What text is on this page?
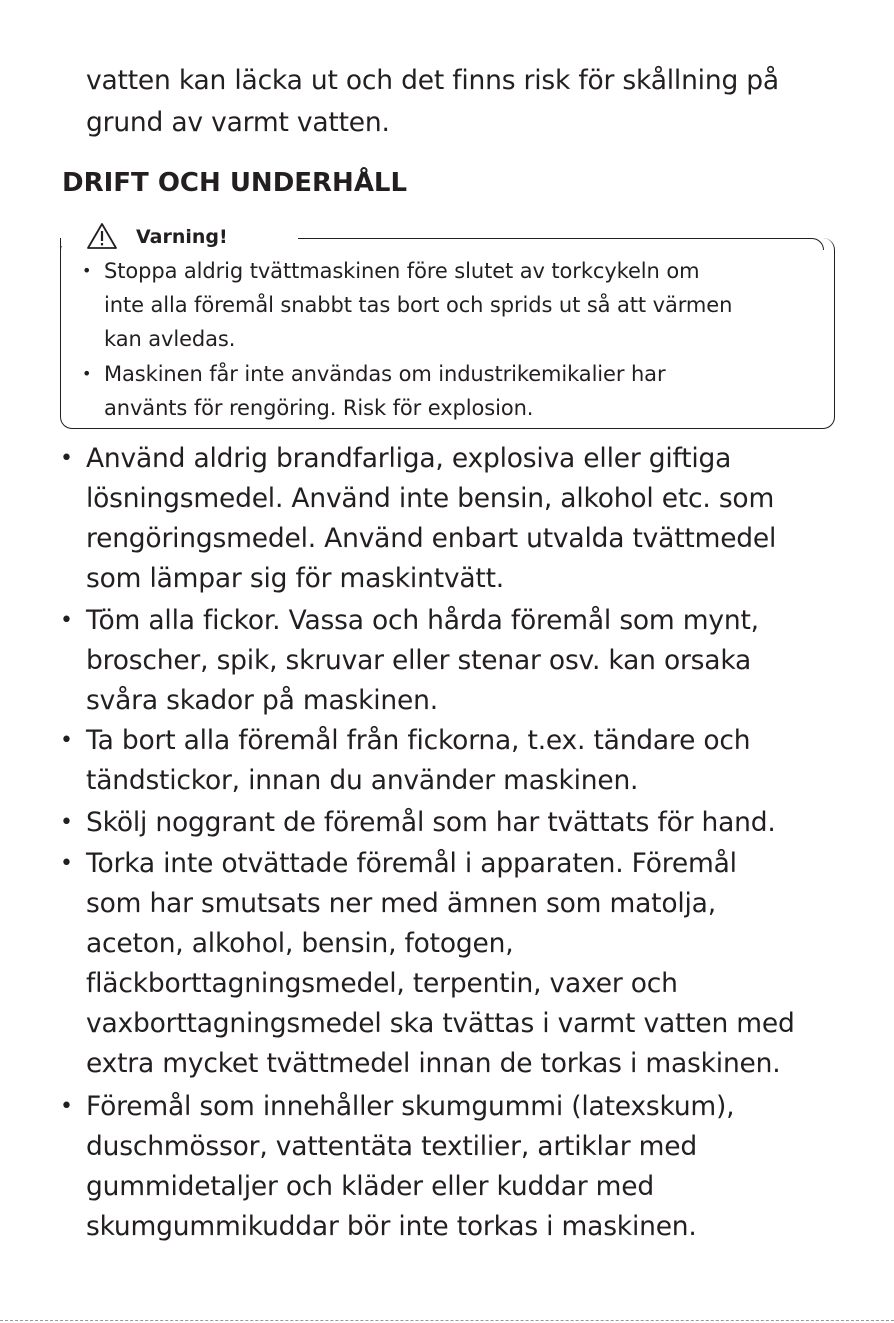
vatten kan läcka ut och det finns risk för skållning på
grund av varmt vatten.
DRIFT OCH UNDERHÅLL
Varning!
• Stoppa aldrig tvättmaskinen före slutet av torkcykeln om
inte alla föremål snabbt tas bort och sprids ut så att värmen
kan avledas.
• Maskinen får inte användas om industrikemikalier har
använts för rengöring. Risk för explosion.
• Använd aldrig brandfarliga, explosiva eller giftiga
lösningsmedel. Använd inte bensin, alkohol etc. som
rengöringsmedel. Använd enbart utvalda tvättmedel
som lämpar sig för maskintvätt.
• Töm alla fickor. Vassa och hårda föremål som mynt,
broscher, spik, skruvar eller stenar osv. kan orsaka
svåra skador på maskinen.
• Ta bort alla föremål från fickorna, t.ex. tändare och
tändstickor, innan du använder maskinen.
• Skölj noggrant de föremål som har tvättats för hand.
• Torka inte otvättade föremål i apparaten. Föremål
som har smutsats ner med ämnen som matolja,
aceton, alkohol, bensin, fotogen,
fläckborttagningsmedel, terpentin, vaxer och
vaxborttagningsmedel ska tvättas i varmt vatten med
extra mycket tvättmedel innan de torkas i maskinen.
• Föremål som innehåller skumgummi (latexskum),
duschmössor, vattentäta textilier, artiklar med
gummidetaljer och kläder eller kuddar med
skumgummikuddar bör inte torkas i maskinen.
